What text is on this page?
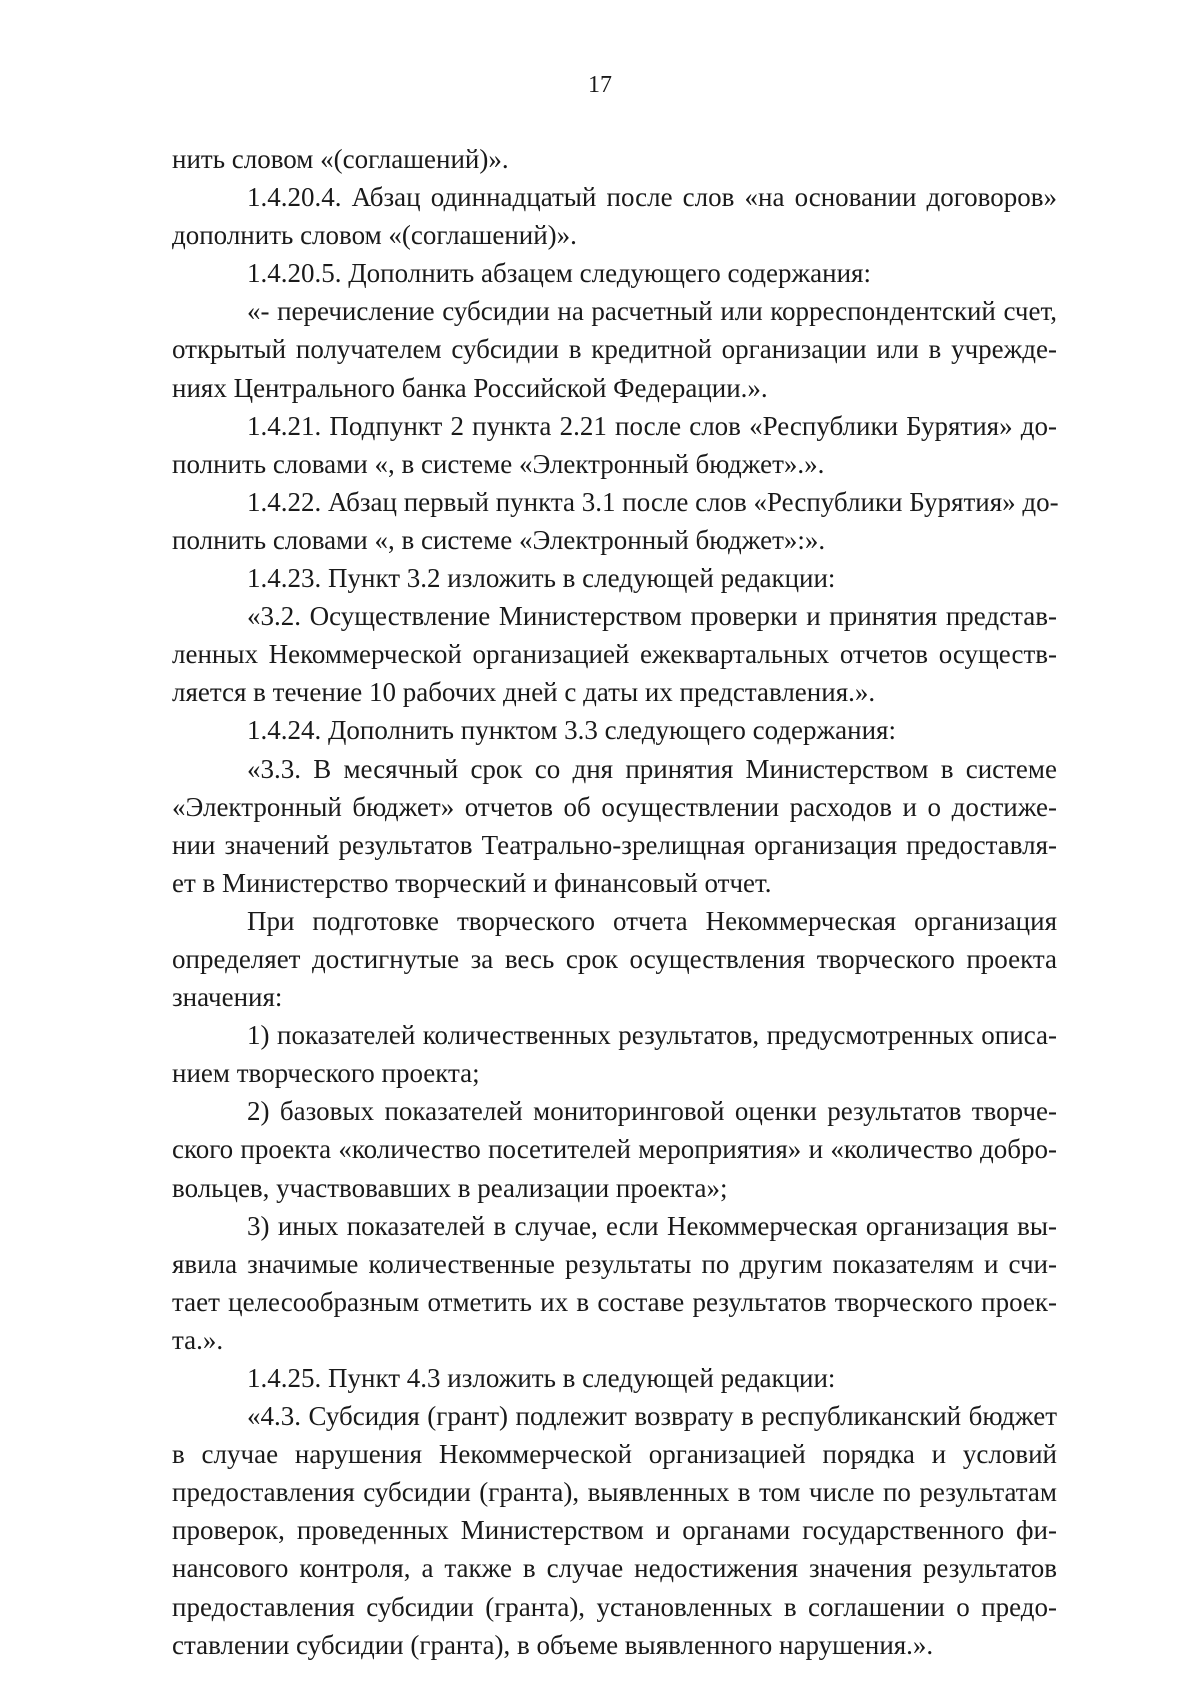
17

нить словом «(соглашений)».
1.4.20.4. Абзац одиннадцатый после слов «на основании договоров»
дополнить словом «(соглашений)».
1.4.20.5. Дополнить абзацем следующего содержания:
«- перечисление субсидии на расчетный или корреспондентский счет,
открытый получателем субсидии в кредитной организации или в учрежде-
ниях Центрального банка Российской Федерации.».
1.4.21. Подпункт 2 пункта 2.21 после слов «Республики Бурятия» до-
полнить словами «, в системе «Электронный бюджет».».
1.4.22. Абзац первый пункта 3.1 после слов «Республики Бурятия» до-
полнить словами «, в системе «Электронный бюджет»:».
1.4.23. Пункт 3.2 изложить в следующей редакции:
«3.2. Осуществление Министерством проверки и принятия представ-
ленных Некоммерческой организацией ежеквартальных отчетов осуществ-
ляется в течение 10 рабочих дней с даты их представления.».
1.4.24. Дополнить пунктом 3.3 следующего содержания:
«3.3. В месячный срок со дня принятия Министерством в системе
«Электронный бюджет» отчетов об осуществлении расходов и о достиже-
нии значений результатов Театрально-зрелищная организация предоставля-
ет в Министерство творческий и финансовый отчет.
При подготовке творческого отчета Некоммерческая организация
определяет достигнутые за весь срок осуществления творческого проекта
значения:
1) показателей количественных результатов, предусмотренных описа-
нием творческого проекта;
2) базовых показателей мониторинговой оценки результатов творче-
ского проекта «количество посетителей мероприятия» и «количество добро-
вольцев, участвовавших в реализации проекта»;
3) иных показателей в случае, если Некоммерческая организация вы-
явила значимые количественные результаты по другим показателям и счи-
тает целесообразным отметить их в составе результатов творческого проек-
та.».
1.4.25. Пункт 4.3 изложить в следующей редакции:
«4.3. Субсидия (грант) подлежит возврату в республиканский бюджет
в случае нарушения Некоммерческой организацией порядка и условий
предоставления субсидии (гранта), выявленных в том числе по результатам
проверок, проведенных Министерством и органами государственного фи-
нансового контроля, а также в случае недостижения значения результатов
предоставления субсидии (гранта), установленных в соглашении о предо-
ставлении субсидии (гранта), в объеме выявленного нарушения.».
